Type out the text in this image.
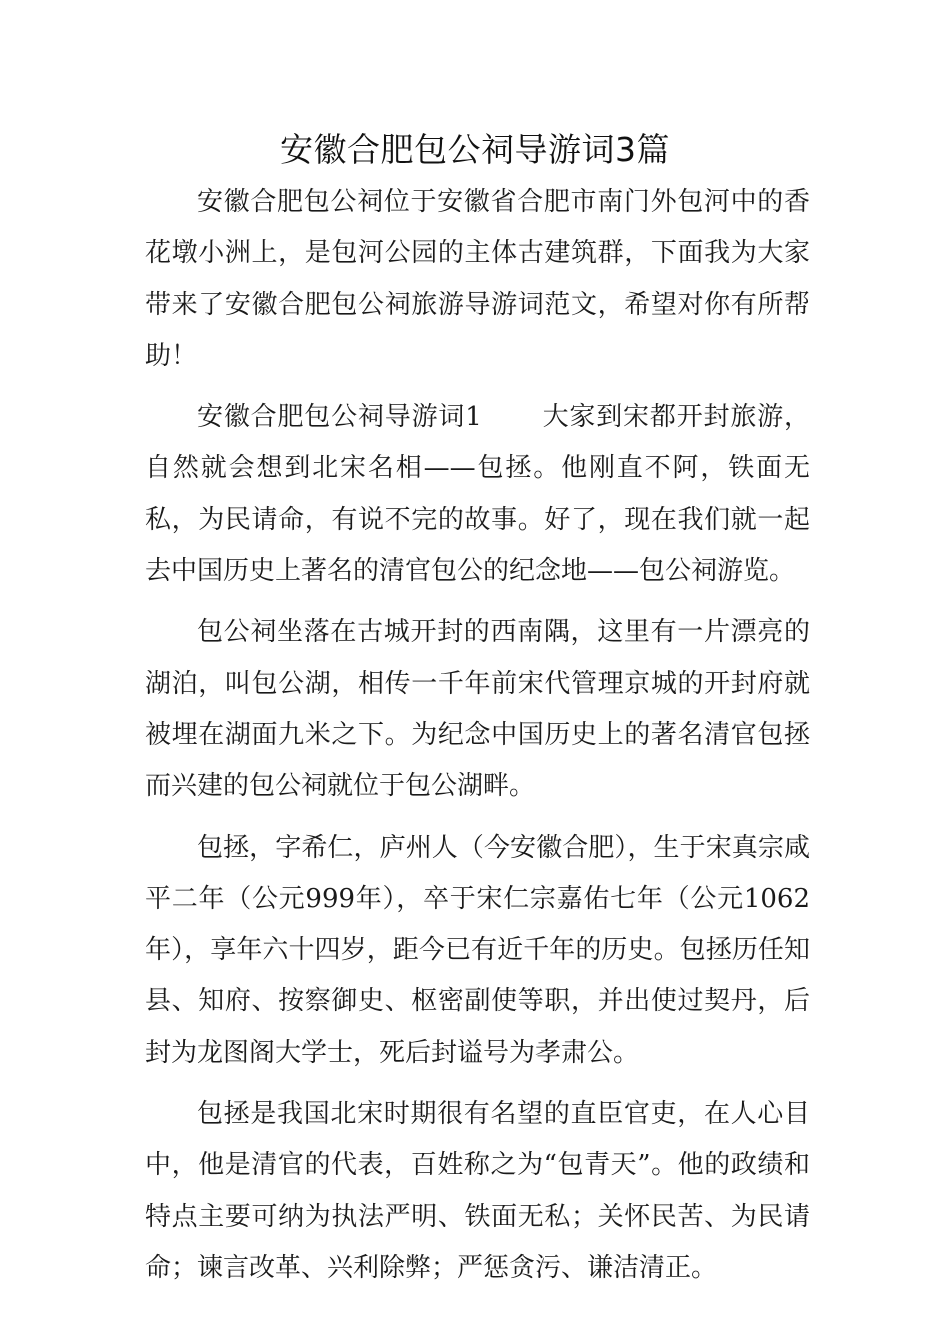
安徽合肥包公祠导游词3篇

安徽合肥包公祠位于安徽省合肥市南门外包河中的香花墩小洲上，是包河公园的主体古建筑群，下面我为大家带来了安徽合肥包公祠旅游导游词范文，希望对你有所帮助！

安徽合肥包公祠导游词1 大家到宋都开封旅游，自然就会想到北宋名相——包拯。他刚直不阿，铁面无私，为民请命，有说不完的故事。好了，现在我们就一起去中国历史上著名的清官包公的纪念地——包公祠游览。

包公祠坐落在古城开封的西南隅，这里有一片漂亮的湖泊，叫包公湖，相传一千年前宋代管理京城的开封府就被埋在湖面九米之下。为纪念中国历史上的著名清官包拯而兴建的包公祠就位于包公湖畔。

包拯，字希仁，庐州人（今安徽合肥），生于宋真宗咸平二年（公元999年），卒于宋仁宗嘉佑七年（公元1062年），享年六十四岁，距今已有近千年的历史。包拯历任知县、知府、按察御史、枢密副使等职，并出使过契丹，后封为龙图阁大学士，死后封谥号为孝肃公。

包拯是我国北宋时期很有名望的直臣官吏，在人心目中，他是清官的代表，百姓称之为“包青天”。他的政绩和特点主要可纳为执法严明、铁面无私；关怀民苦、为民请命；谏言改革、兴利除弊；严惩贪污、谦洁清正。
